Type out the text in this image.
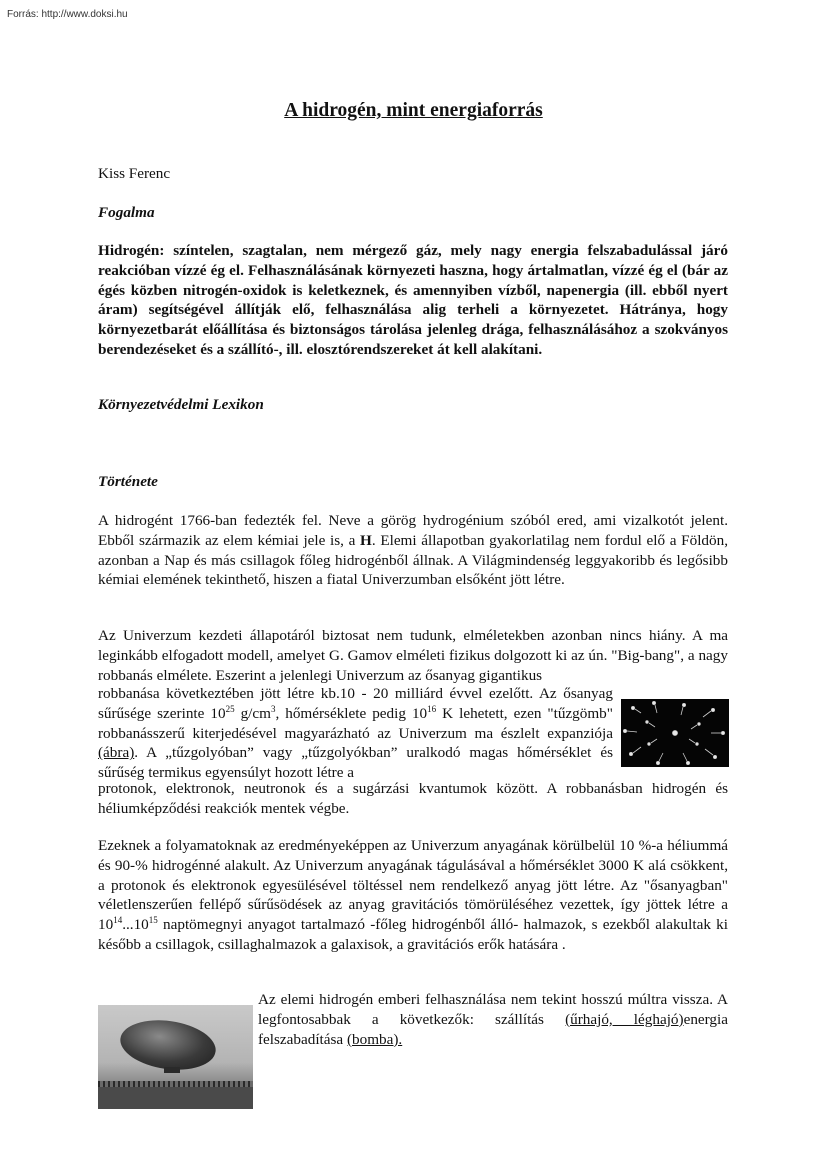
Forrás: http://www.doksi.hu
A hidrogén, mint energiaforrás
Kiss Ferenc
Fogalma
Hidrogén: színtelen, szagtalan, nem mérgező gáz, mely nagy energia felszabadulással járó reakcióban vízzé ég el. Felhasználásának környezeti haszna, hogy ártalmatlan, vízzé ég el (bár az égés közben nitrogén-oxidok is keletkeznek, és amennyiben vízből, napenergia (ill. ebből nyert áram) segítségével állítják elő, felhasználása alig terheli a környezetet. Hátránya, hogy környezetbarát előállítása és biztonságos tárolása jelenleg drága, felhasználásához a szokványos berendezéseket és a szállító-, ill. elosztórendszereket át kell alakítani.
Környezetvédelmi Lexikon
Története
A hidrogént 1766-ban fedezték fel. Neve a görög hydrogénium szóból ered, ami vizalkotót jelent. Ebből származik az elem kémiai jele is, a H. Elemi állapotban gyakorlatilag nem fordul elő a Földön, azonban a Nap és más csillagok főleg hidrogénből állnak. A Világmindenség leggyakoribb és legősibb kémiai elemének tekinthető, hiszen a fiatal Univerzumban elsőként jött létre.
Az Univerzum kezdeti állapotáról biztosat nem tudunk, elméletekben azonban nincs hiány. A ma leginkább elfogadott modell, amelyet G. Gamov elméleti fizikus dolgozott ki az ún. "Big-bang", a nagy robbanás elmélete. Eszerint a jelenlegi Univerzum az ősanyag gigantikus
robbanása következtében jött létre kb.10 - 20 milliárd évvel ezelőtt. Az ősanyag sűrűsége szerinte $10^{25}$ $g/cm^3$, hőmérséklete pedig $10^{16}$ K lehetett, ezen "tűzgömb" robbanásszerű kiterjedésével magyarázható az Univerzum ma észlelt expanziója (ábra). A „tűzgolyóban” vagy „tűzgolyókban” uralkodó magas hőmérséklet és sűrűség termikus egyensúlyt hozott létre a
protonok, elektronok, neutronok és a sugárzási kvantumok között. A robbanásban hidrogén és héliumképződési reakciók mentek végbe.
Ezeknek a folyamatoknak az eredményeképpen az Univerzum anyagának körülbelül 10 %-a héliummá és 90-% hidrogénné alakult. Az Univerzum anyagának tágulásával a hőmérséklet 3000 K alá csökkent, a protonok és elektronok egyesülésével töltéssel nem rendelkező anyag jött létre. Az "ősanyagban" véletlenszerűen fellépő sűrűsödések az anyag gravitációs tömörüléséhez vezettek, így jöttek létre a $10^{14}...10^{15}$ naptömegnyi anyagot tartalmazó -főleg hidrogénből álló- halmazok, s ezekből alakultak ki később a csillagok, csillaghalmazok a galaxisok, a gravitációs erők hatására .
Az elemi hidrogén emberi felhasználása nem tekint hosszú múltra vissza. A legfontosabbak a következők: szállítás (űrhajó, léghajó)energia felszabadítása (bomba).
